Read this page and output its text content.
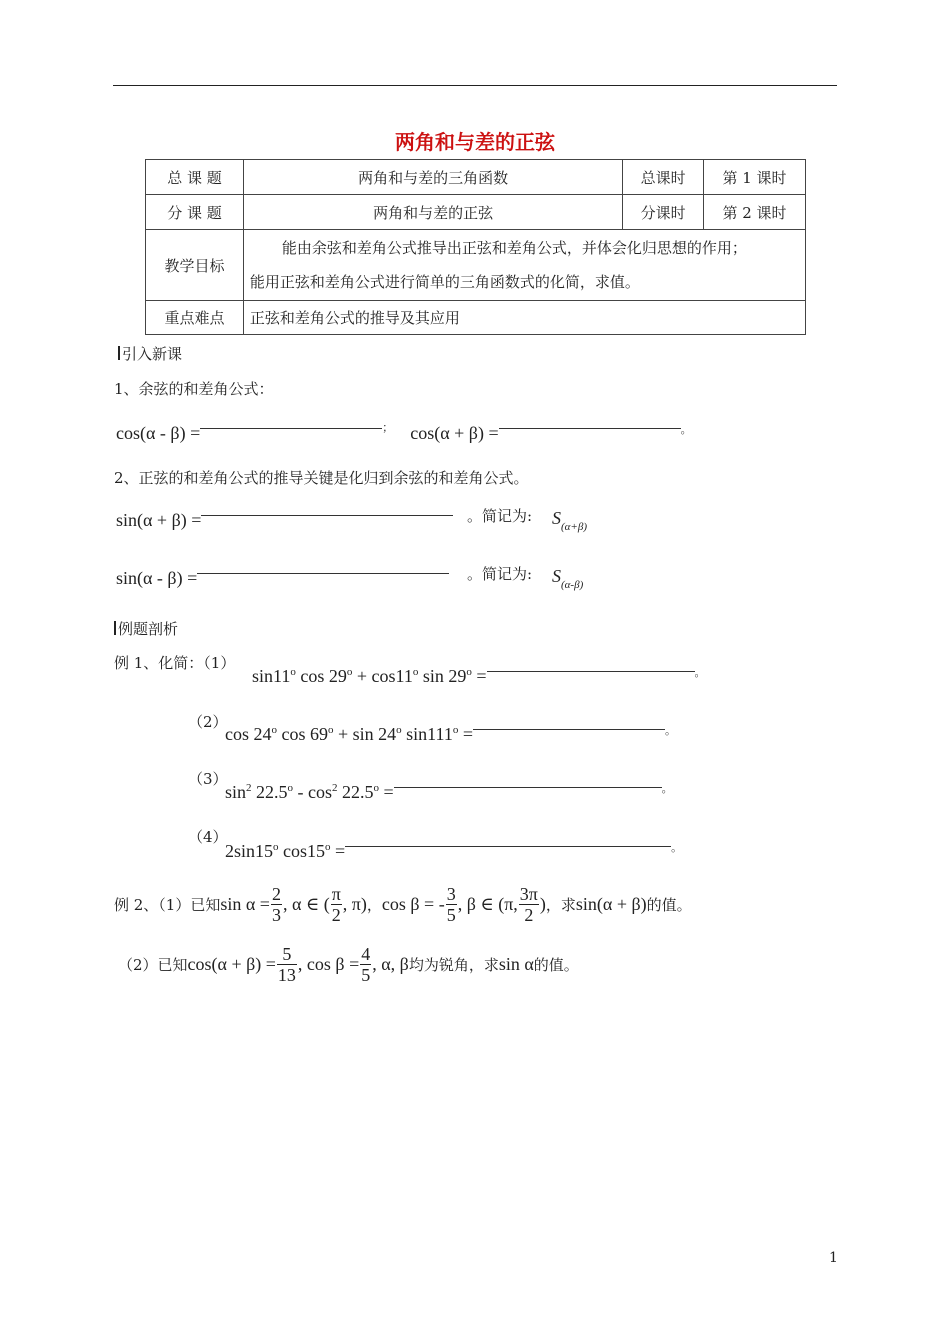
两角和与差的正弦
总 课 题	两角和与差的三角函数	总课时	第 1 课时
分 课 题	两角和与差的正弦	分课时	第 2 课时
教学目标	能由余弦和差角公式推导出正弦和差角公式，并体会化归思想的作用；
能用正弦和差角公式进行简单的三角函数式的化简，求值。		

重点难点	正弦和差角公式的推导及其应用		
引入新课
1、余弦的和差角公式：
cos(α - β) =	； cos(α + β) =	。
2、正弦的和差角公式的推导关键是化归到余弦的和差角公式。
sin(α + β) =	。简记为: $S_{(\alpha+\beta)}$
sin(α - β) =	。简记为: $S_{(\alpha-\beta)}$
例题剖析
例 1、化简：（1）
sin11$^o$ $\cos 29^o + \cos 11^o$ $\sin 29^o$ =	。
（2）
cos 24$^o$ $\cos 69^o + \sin 24^o$ $\sin 111^o$ =	。
（3）
$\sin^2 22.5^o - \cos^2 22.5^o$ =	。
（4）
2sin15$^o$ $\cos 15^o$ =	。
例 2、（1）已知 $\sin \alpha = \frac{2}{3}$ , α ∈ ( $\frac{\pi}{2}$ , π) ， cos β = - $\frac{3}{5}$ , β ∈ (π, $\frac{3\pi}{2}$ ) ，求 sin(α + β) 的值。
（2）已知 $\cos(\alpha + \beta) = \frac{5}{13}$ , $\cos \beta = \frac{4}{5}$ , α, β 均为锐角，求 sin α 的值。
1
